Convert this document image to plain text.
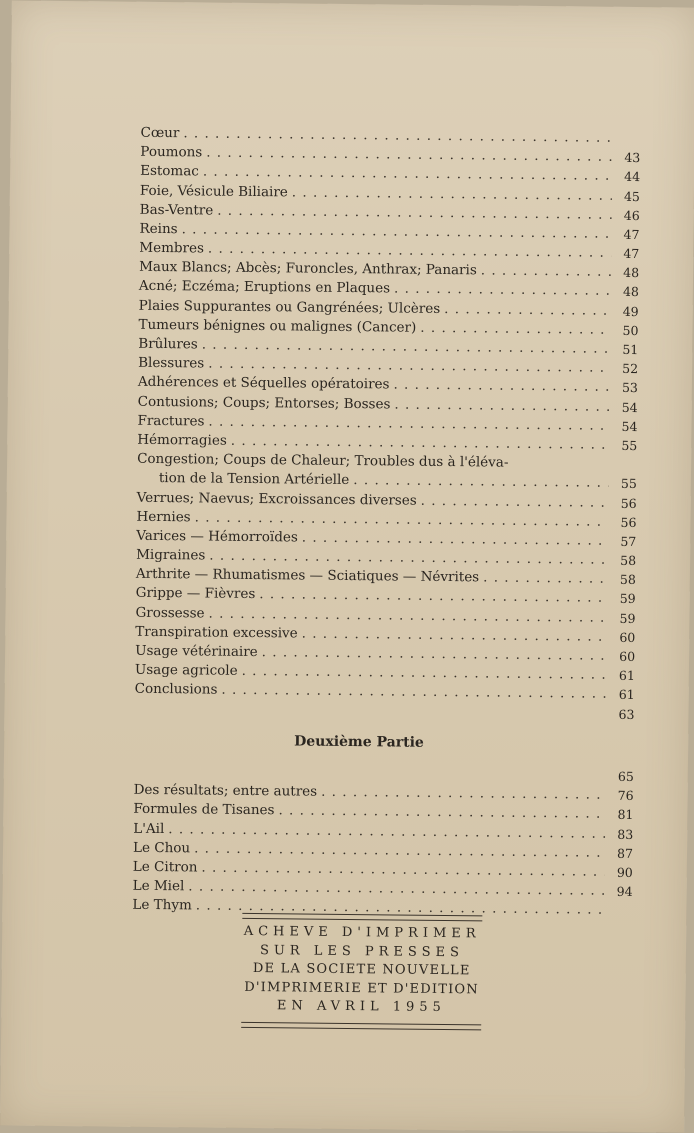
Cœur
. . .
Poumons . . .	43
Estomac . . .	44
Foie, Vésicule Biliaire . . .	45
Bas-Ventre . . .	46
Reins . . .	47
Membres . . .	47
Maux Blancs; Abcès; Furoncles, Anthrax; Panaris . . .	48
Acné; Eczéma; Eruptions en Plaques . . .	48
Plaies Suppurantes ou Gangrénées; Ulcères . . .	49
Tumeurs bénignes ou malignes (Cancer) . . .	50
Brûlures . . .	51
Blessures . . .	52
Adhérences et Séquelles opératoires . . .	53
Contusions; Coups; Entorses; Bosses . . .	54
Fractures . . .	54
Hémorragies . . .	55
Congestion; Coups de Chaleur; Troubles dus à l'éléva-
tion de la Tension Artérielle . . .	55
Verrues; Naevus; Excroissances diverses . . .	56
Hernies . . .	56
Varices — Hémorroïdes . . .	57
Migraines . . .	58
Arthrite — Rhumatismes — Sciatiques — Névrites . . .	58
Grippe — Fièvres . . .	59
Grossesse . . .	59
Transpiration excessive . . .	60
Usage vétérinaire . . .	60
Usage agricole . . .	61
Conclusions . . .	61
63
Deuxième Partie
65
Des résultats; entre autres . . .	76
Formules de Tisanes . . .	81
L'Ail . . .	83
Le Chou . . .	87
Le Citron . . .	90
Le Miel . . .	94
Le Thym
. . .
ACHEVE D'IMPRIMER
SUR LES PRESSES
DE LA SOCIETE NOUVELLE
D'IMPRIMERIE ET D'EDITION
EN AVRIL 1955
